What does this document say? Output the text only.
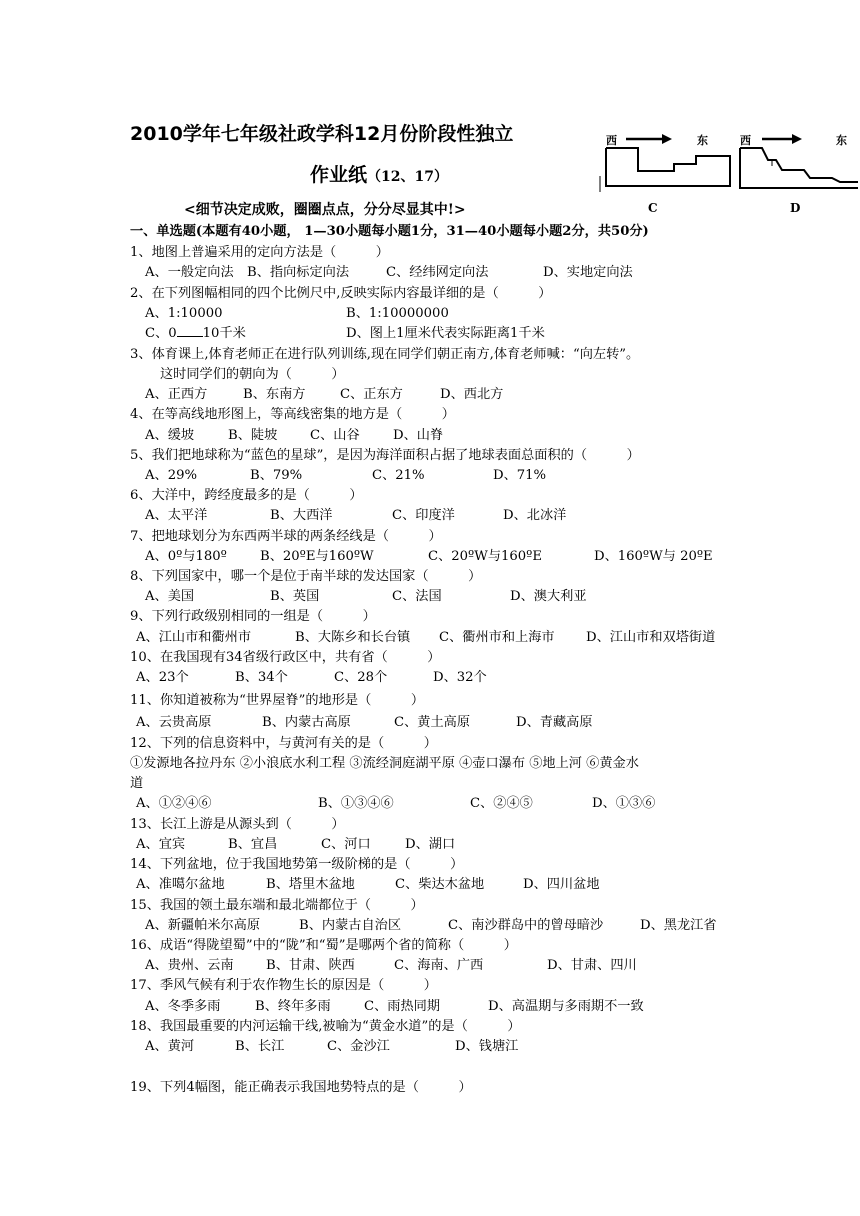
2010学年七年级社政学科12月份阶段性独立
作业纸（12、17）
<细节决定成败，圈圈点点，分分尽显其中!>
西	东
C
西	东
D
一、单选题(本题有40小题， 1—30小题每小题1分，31—40小题每小题2分，共50分)
1、地图上普遍采用的定向方法是（　　　）
A、一般定向法 B、指向标定向法	C、经纬网定向法	D、实地定向法
2、在下列图幅相同的四个比例尺中,反映实际内容最详细的是（　　　）
A、1:10000	B、1:10000000
C、0 10千米	D、图上1厘米代表实际距离1千米
3、体育课上,体育老师正在进行队列训练,现在同学们朝正南方,体育老师喊：“向左转”。
这时同学们的朝向为（　　　）
A、正西方	B、东南方	C、正东方	D、西北方
4、在等高线地形图上，等高线密集的地方是（　　　）
A、缓坡	B、陡坡 C、山谷	D、山脊
5、我们把地球称为“蓝色的星球”，是因为海洋面积占据了地球表面总面积的（　　　）
A、29%	B、79%	C、21%	D、71%
6、大洋中，跨经度最多的是（　　　）
A、太平洋	B、大西洋	C、印度洋	D、北冰洋
7、把地球划分为东西两半球的两条经线是（　　　）
A、0º与180º	B、20ºE与160ºW	C、20ºW与160ºE	D、160ºW与 20ºE
8、下列国家中，哪一个是位于南半球的发达国家（　　　）
A、美国	B、英国	C、法国	D、澳大利亚
9、下列行政级别相同的一组是（　　　）
A、江山市和衢州市	B、大陈乡和长台镇 C、衢州市和上海市 D、江山市和双塔街道
10、在我国现有34省级行政区中，共有省（　　　）
A、23个	B、34个	C、28个	D、32个
11、你知道被称为“世界屋脊”的地形是（　　　）
A、云贵高原	B、内蒙古高原	C、黄土高原	D、青藏高原
12、下列的信息资料中，与黄河有关的是（　　　）
①发源地各拉丹东 ②小浪底水利工程 ③流经洞庭湖平原 ④壶口瀑布 ⑤地上河 ⑥黄金水
道
A、①②④⑥	B、①③④⑥	C、②④⑤	D、①③⑥
13、长江上游是从源头到（　　　）
A、宜宾	B、宜昌	C、河口	D、湖口
14、下列盆地，位于我国地势第一级阶梯的是（　　　）
A、准噶尔盆地	B、塔里木盆地	C、柴达木盆地	D、四川盆地
15、我国的领土最东端和最北端都位于（　　　）
A、新疆帕米尔高原	B、内蒙古自治区	C、南沙群岛中的曾母暗沙	D、黑龙江省
16、成语“得陇望蜀”中的“陇”和“蜀”是哪两个省的简称（　　　）
A、贵州、云南 B、甘肃、陕西	C、海南、广西	D、甘肃、四川
17、季风气候有利于农作物生长的原因是（　　　）
A、冬季多雨	B、终年多雨	C、雨热同期	D、高温期与多雨期不一致
18、我国最重要的内河运输干线,被喻为“黄金水道”的是（　　　）
A、黄河	B、长江	C、金沙江	D、钱塘江
19、下列4幅图，能正确表示我国地势特点的是（　　　）
